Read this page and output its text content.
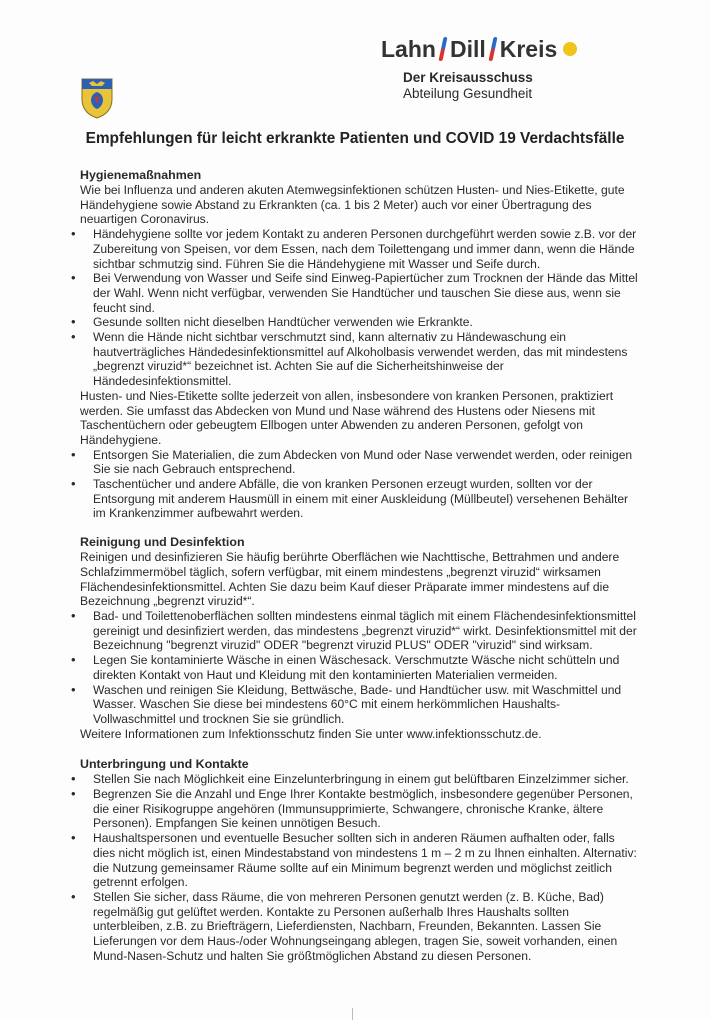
Lahn Dill Kreis
Der Kreisausschuss
Abteilung Gesundheit
Empfehlungen für leicht erkrankte Patienten und COVID 19 Verdachtsfälle
Hygienemaßnahmen

Wie bei Influenza und anderen akuten Atemwegsinfektionen schützen Husten- und Nies-Etikette, gute Händehygiene sowie Abstand zu Erkrankten (ca. 1 bis 2 Meter) auch vor einer Übertragung des neuartigen Coronavirus.

• Händehygiene sollte vor jedem Kontakt zu anderen Personen durchgeführt werden sowie z.B. vor der Zubereitung von Speisen, vor dem Essen, nach dem Toilettengang und immer dann, wenn die Hände sichtbar schmutzig sind. Führen Sie die Händehygiene mit Wasser und Seife durch.
• Bei Verwendung von Wasser und Seife sind Einweg-Papiertücher zum Trocknen der Hände das Mittel der Wahl. Wenn nicht verfügbar, verwenden Sie Handtücher und tauschen Sie diese aus, wenn sie feucht sind.
• Gesunde sollten nicht dieselben Handtücher verwenden wie Erkrankte.
• Wenn die Hände nicht sichtbar verschmutzt sind, kann alternativ zu Händewaschung ein hautverträgliches Händedesinfektionsmittel auf Alkoholbasis verwendet werden, das mit mindestens „begrenzt viruzid*“ bezeichnet ist. Achten Sie auf die Sicherheitshinweise der Händedesinfektionsmittel.

Husten- und Nies-Etikette sollte jederzeit von allen, insbesondere von kranken Personen, praktiziert werden. Sie umfasst das Abdecken von Mund und Nase während des Hustens oder Niesens mit Taschentüchern oder gebeugtem Ellbogen unter Abwenden zu anderen Personen, gefolgt von Händehygiene.

• Entsorgen Sie Materialien, die zum Abdecken von Mund oder Nase verwendet werden, oder reinigen Sie sie nach Gebrauch entsprechend.
• Taschentücher und andere Abfälle, die von kranken Personen erzeugt wurden, sollten vor der Entsorgung mit anderem Hausmüll in einem mit einer Auskleidung (Müllbeutel) versehenen Behälter im Krankenzimmer aufbewahrt werden.
Reinigung und Desinfektion

Reinigen und desinfizieren Sie häufig berührte Oberflächen wie Nachttische, Bettrahmen und andere Schlafzimmermöbel täglich, sofern verfügbar, mit einem mindestens „begrenzt viruzid“ wirksamen Flächendesinfektionsmittel. Achten Sie dazu beim Kauf dieser Präparate immer mindestens auf die Bezeichnung „begrenzt viruzid*“.

• Bad- und Toilettenoberflächen sollten mindestens einmal täglich mit einem Flächendesinfektionsmittel gereinigt und desinfiziert werden, das mindestens „begrenzt viruzid*“ wirkt. Desinfektionsmittel mit der Bezeichnung "begrenzt viruzid" ODER "begrenzt viruzid PLUS" ODER "viruzid" sind wirksam.
• Legen Sie kontaminierte Wäsche in einen Wäschesack. Verschmutzte Wäsche nicht schütteln und direkten Kontakt von Haut und Kleidung mit den kontaminierten Materialien vermeiden.
• Waschen und reinigen Sie Kleidung, Bettwäsche, Bade- und Handtücher usw. mit Waschmittel und Wasser. Waschen Sie diese bei mindestens 60°C mit einem herkömmlichen Haushalts-Vollwaschmittel und trocknen Sie sie gründlich.

Weitere Informationen zum Infektionsschutz finden Sie unter www.infektionsschutz.de.

Unterbringung und Kontakte
• Stellen Sie nach Möglichkeit eine Einzelunterbringung in einem gut belüftbaren Einzelzimmer sicher.
• Begrenzen Sie die Anzahl und Enge Ihrer Kontakte bestmöglich, insbesondere gegenüber Personen, die einer Risikogruppe angehören (Immunsupprimierte, Schwangere, chronische Kranke, ältere Personen). Empfangen Sie keinen unnötigen Besuch.
• Haushaltspersonen und eventuelle Besucher sollten sich in anderen Räumen aufhalten oder, falls dies nicht möglich ist, einen Mindestabstand von mindestens 1 m – 2 m zu Ihnen einhalten. Alternativ: die Nutzung gemeinsamer Räume sollte auf ein Minimum begrenzt werden und möglichst zeitlich getrennt erfolgen.
• Stellen Sie sicher, dass Räume, die von mehreren Personen genutzt werden (z. B. Küche, Bad) regelmäßig gut gelüftet werden. Kontakte zu Personen außerhalb Ihres Haushalts sollten unterbleiben, z.B. zu Briefträgern, Lieferdiensten, Nachbarn, Freunden, Bekannten. Lassen Sie Lieferungen vor dem Haus-/oder Wohnungseingang ablegen, tragen Sie, soweit vorhanden, einen Mund-Nasen-Schutz und halten Sie größtmöglichen Abstand zu diesen Personen.
